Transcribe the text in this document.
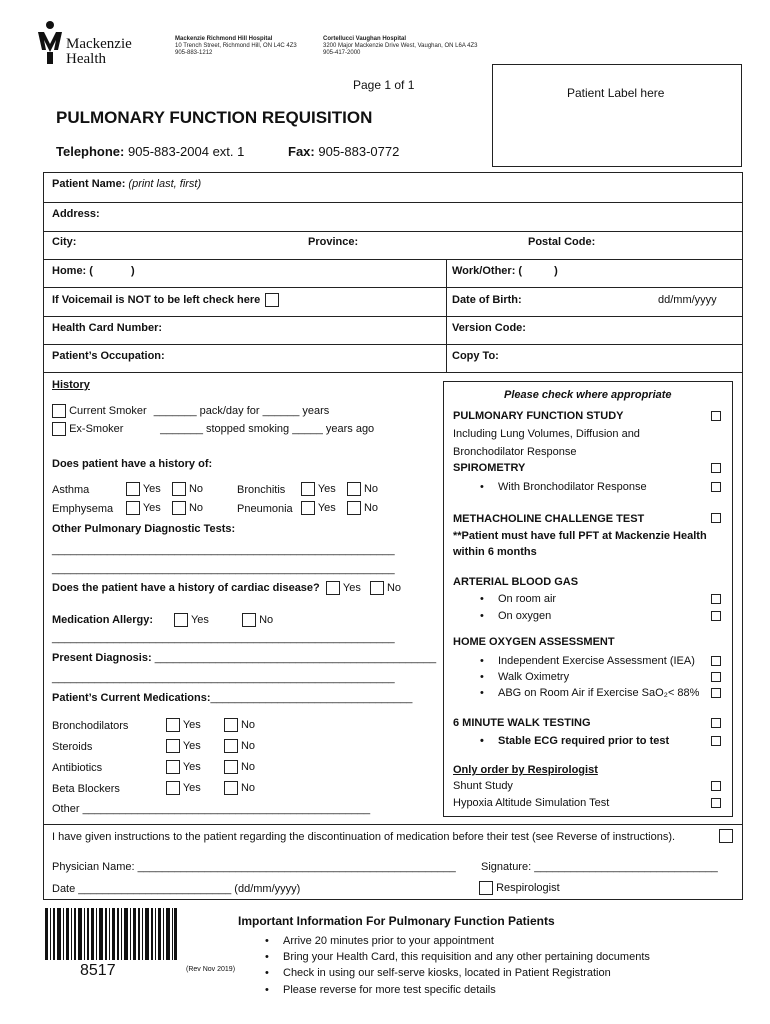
Mackenzie
Health
Mackenzie Richmond Hill Hospital
10 Trench Street, Richmond Hill, ON L4C 4Z3
905-883-1212
Cortellucci Vaughan Hospital
3200 Major Mackenzie Drive West, Vaughan, ON L6A 4Z3
905-417-2000
Page 1 of 1
Patient Label here
PULMONARY FUNCTION REQUISITION
Telephone: 905-883-2004 ext. 1	Fax: 905-883-0772
Patient Name: (print last, first)
Address:
City:	Province:	Postal Code:
Home: (	)	Work/Other: (	)
If Voicemail is NOT to be left check here	Date of Birth:	dd/mm/yyyy
Health Card Number:	Version Code:
Patient’s Occupation:	Copy To:
History
Current Smoker _______ pack/day for ______ years
Ex-Smoker	_______ stopped smoking _____ years ago
Does patient have a history of:
Asthma	Yes	No	Bronchitis	Yes	No
Emphysema	Yes	No	Pneumonia	Yes	No
Other Pulmonary Diagnostic Tests:
________________________________________________________
________________________________________________________
Does the patient have a history of cardiac disease? Yes No
Medication Allergy:	Yes	No
________________________________________________________
Present Diagnosis: ______________________________________________
________________________________________________________
Patient’s Current Medications:_________________________________
Bronchodilators	Yes	No
Steroids	Yes	No
Antibiotics	Yes	No
Beta Blockers	Yes	No
Other _______________________________________________
Please check where appropriate
PULMONARY FUNCTION STUDY
Including Lung Volumes, Diffusion and
Bronchodilator Response
SPIROMETRY
• With Bronchodilator Response
METHACHOLINE CHALLENGE TEST
**Patient must have full PFT at Mackenzie Health
within 6 months
ARTERIAL BLOOD GAS
• On room air
• On oxygen
HOME OXYGEN ASSESSMENT
• Independent Exercise Assessment (IEA)
• Walk Oximetry
• ABG on Room Air if Exercise SaO₂< 88%
6 MINUTE WALK TESTING
• Stable ECG required prior to test
Only order by Respirologist
Shunt Study
Hypoxia Altitude Simulation Test
I have given instructions to the patient regarding the discontinuation of medication before their test (see Reverse of instructions).
Physician Name: ____________________________________________________ Signature: ______________________________
Date _________________________ (dd/mm/yyyy)	Respirologist
8517	(Rev Nov 2019)
Important Information For Pulmonary Function Patients
• Arrive 20 minutes prior to your appointment
• Bring your Health Card, this requisition and any other pertaining documents
• Check in using our self-serve kiosks, located in Patient Registration
• Please reverse for more test specific details
